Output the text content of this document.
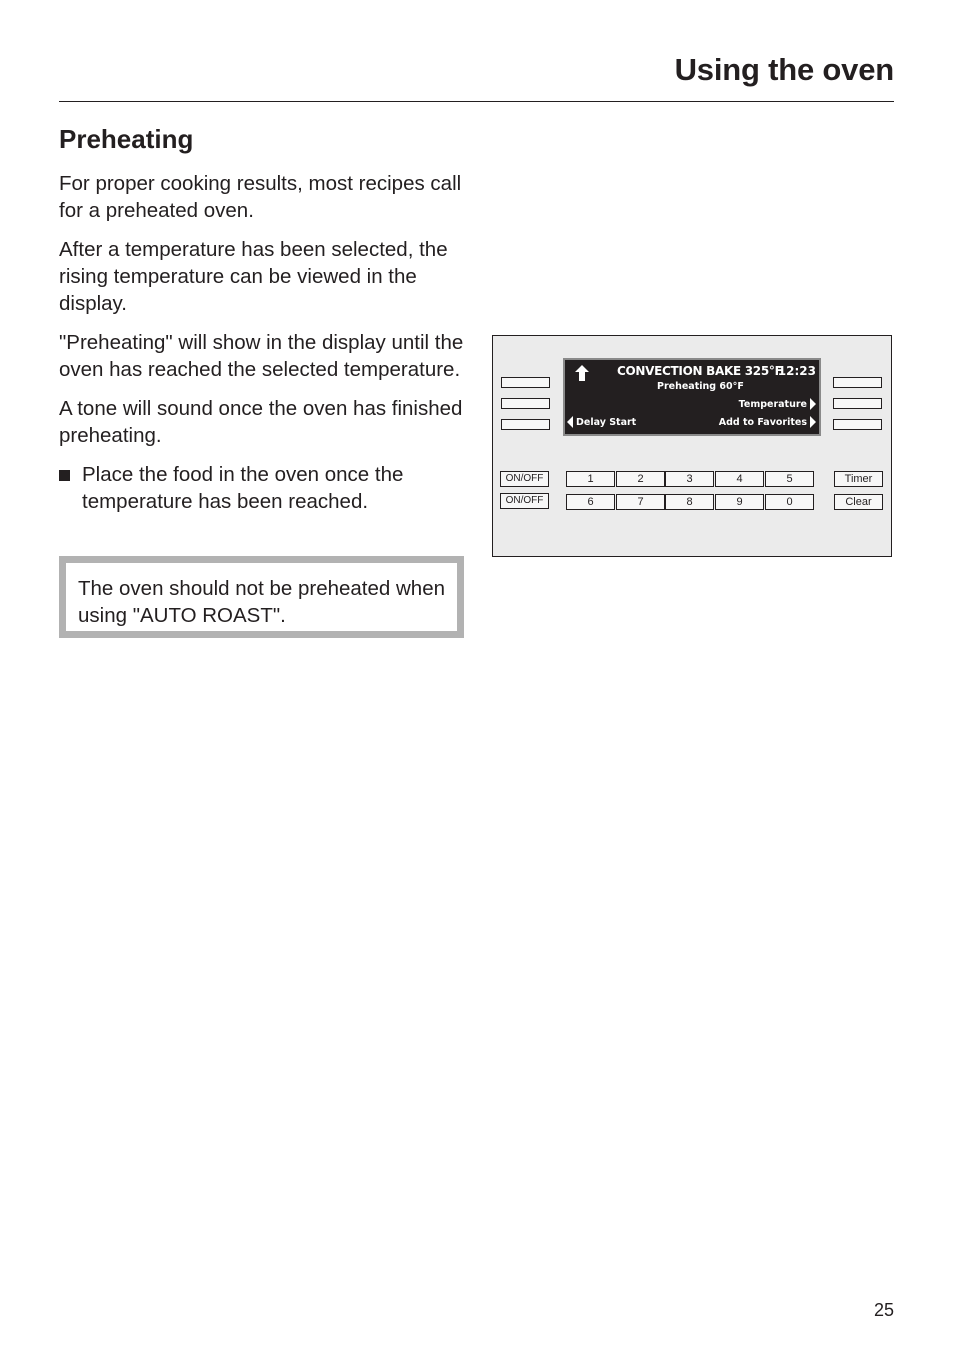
Using the oven
Preheating

For proper cooking results, most recipes call for a preheated oven.

After a temperature has been selected, the rising temperature can be viewed in the display.

"Preheating" will show in the display until the oven has reached the selected temperature.

A tone will sound once the oven has finished preheating.

Place the food in the oven once the temperature has been reached.
The oven should not be preheated when using "AUTO ROAST".
CONVECTION BAKE 325°F
12:23
Preheating 60°F
Temperature
Add to Favorites
Delay Start
ON/OFF
ON/OFF
1	2	3	4	5
6	7	8	9	0
Timer
Clear
25
